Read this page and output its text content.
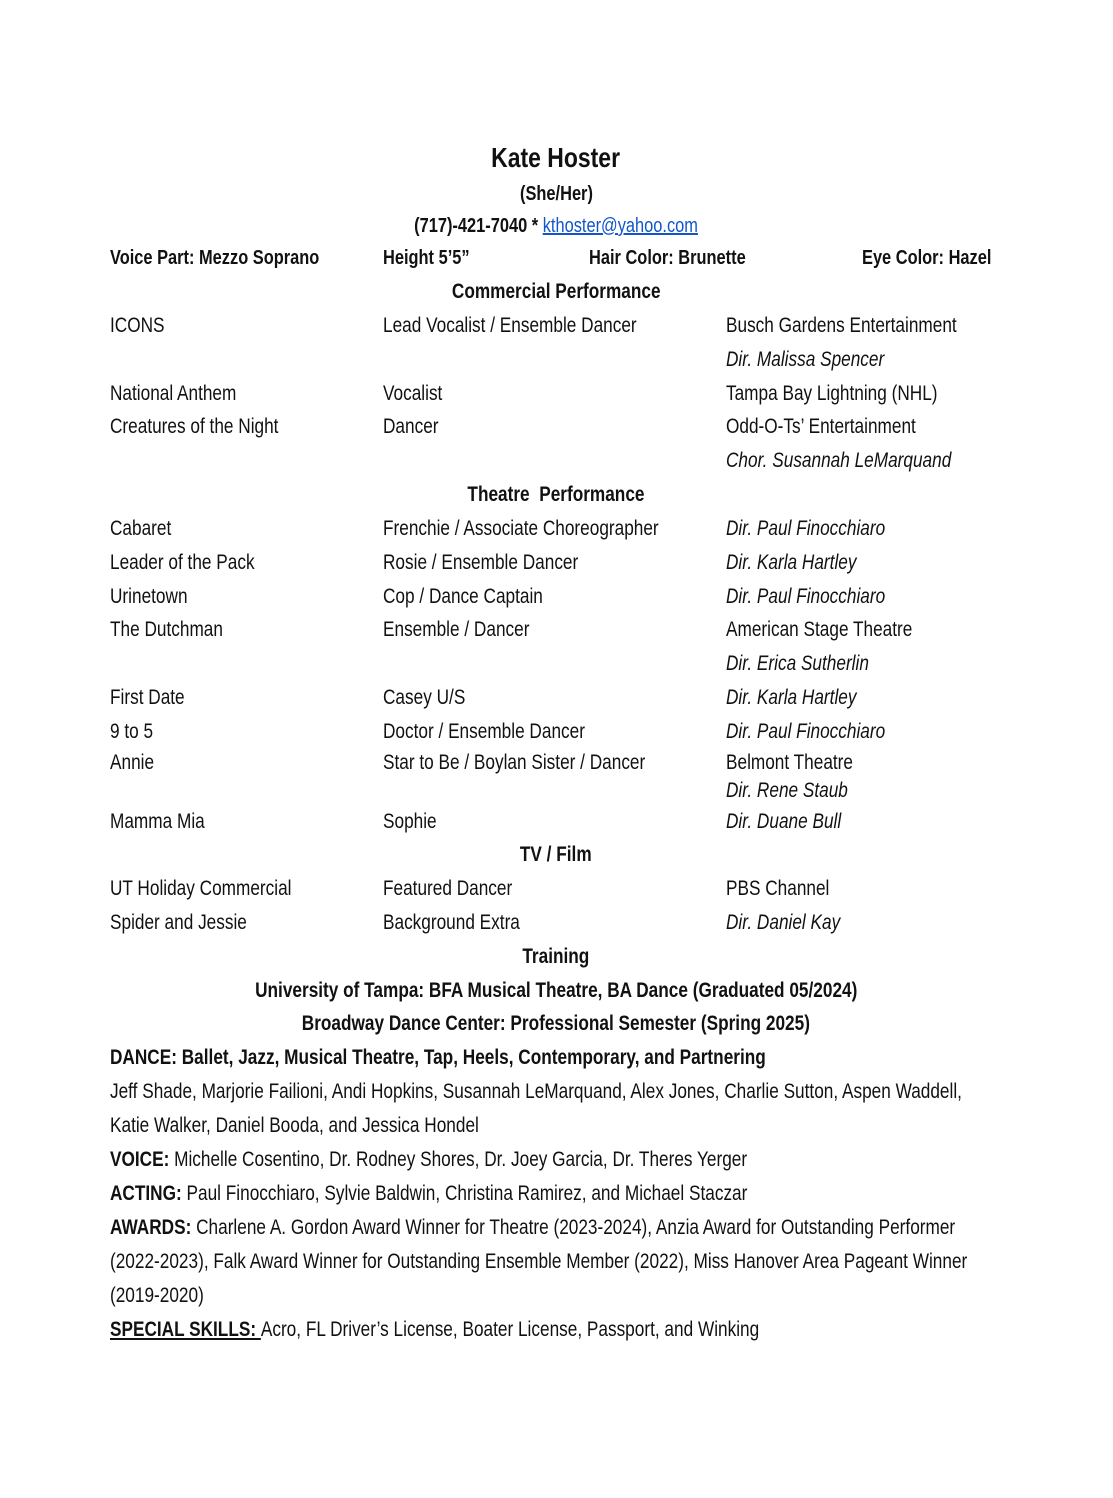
Kate Hoster
(She/Her)
(717)-421-7040 * kthoster@yahoo.com
Voice Part: Mezzo Soprano	Height 5’5”	Hair Color: Brunette	Eye Color: Hazel
Commercial Performance
ICONS	Lead Vocalist / Ensemble Dancer	Busch Gardens Entertainment
Dir. Malissa Spencer
National Anthem	Vocalist	Tampa Bay Lightning (NHL)
Creatures of the Night	Dancer	Odd-O-Ts’ Entertainment
Chor. Susannah LeMarquand
Theatre  Performance
Cabaret	Frenchie / Associate Choreographer	Dir. Paul Finocchiaro
Leader of the Pack	Rosie / Ensemble Dancer	Dir. Karla Hartley
Urinetown	Cop / Dance Captain	Dir. Paul Finocchiaro
The Dutchman	Ensemble / Dancer	American Stage Theatre
Dir. Erica Sutherlin
First Date	Casey U/S	Dir. Karla Hartley
9 to 5	Doctor / Ensemble Dancer	Dir. Paul Finocchiaro
Annie	Star to Be / Boylan Sister / Dancer	Belmont Theatre
Dir. Rene Staub
Mamma Mia	Sophie	Dir. Duane Bull
TV / Film
UT Holiday Commercial	Featured Dancer	PBS Channel
Spider and Jessie	Background Extra	Dir. Daniel Kay
Training
University of Tampa: BFA Musical Theatre, BA Dance (Graduated 05/2024)
Broadway Dance Center: Professional Semester (Spring 2025)
DANCE: Ballet, Jazz, Musical Theatre, Tap, Heels, Contemporary, and Partnering
Jeff Shade, Marjorie Failioni, Andi Hopkins, Susannah LeMarquand, Alex Jones, Charlie Sutton, Aspen Waddell, Katie Walker, Daniel Booda, and Jessica Hondel
VOICE: Michelle Cosentino, Dr. Rodney Shores, Dr. Joey Garcia, Dr. Theres Yerger
ACTING: Paul Finocchiaro, Sylvie Baldwin, Christina Ramirez, and Michael Staczar
AWARDS: Charlene A. Gordon Award Winner for Theatre (2023-2024), Anzia Award for Outstanding Performer (2022-2023), Falk Award Winner for Outstanding Ensemble Member (2022), Miss Hanover Area Pageant Winner (2019-2020)
SPECIAL SKILLS: Acro, FL Driver’s License, Boater License, Passport, and Winking
